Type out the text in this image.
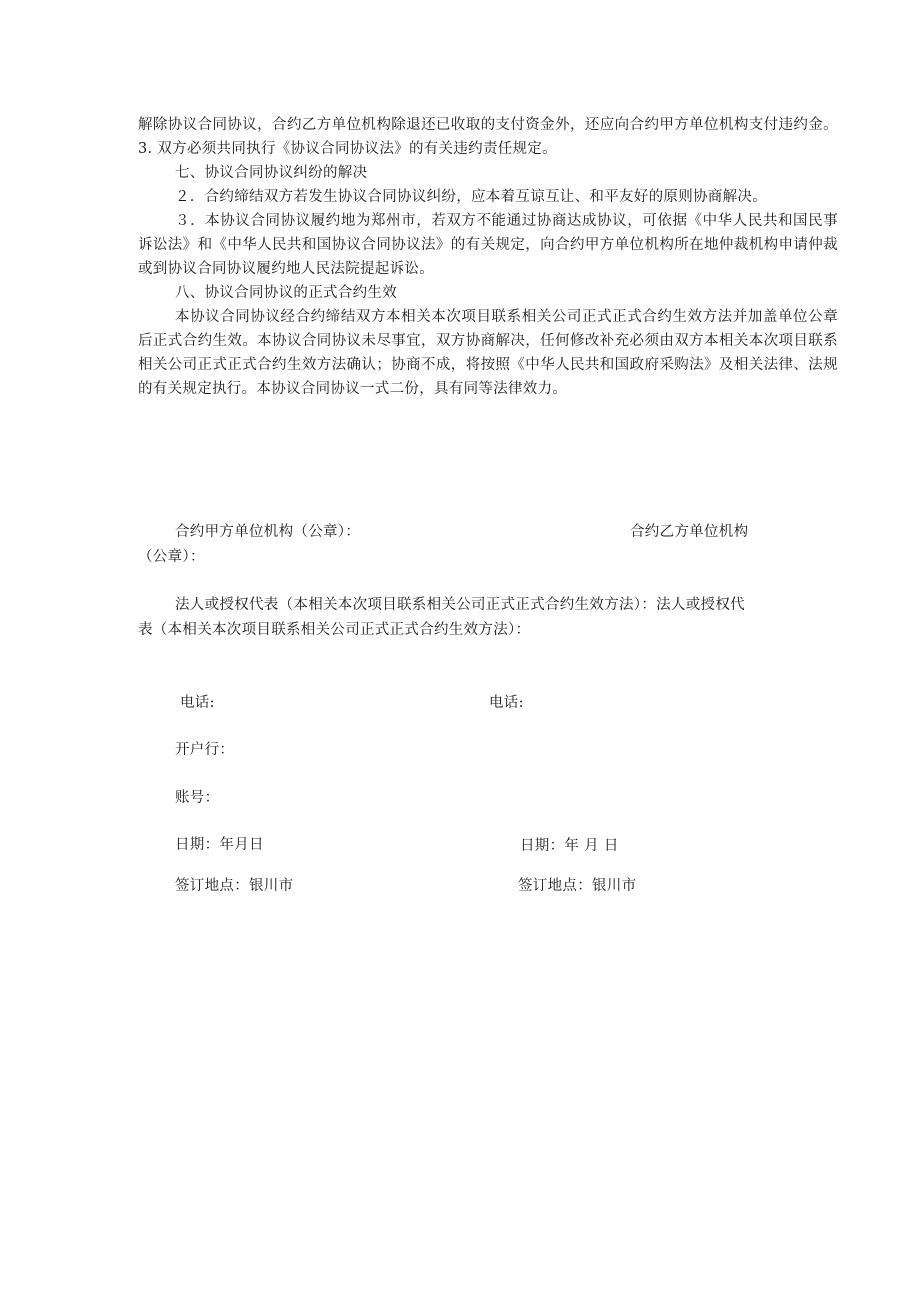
解除协议合同协议，合约乙方单位机构除退还已收取的支付资金外，还应向合约甲方单位机构支付违约金。3. 双方必须共同执行《协议合同协议法》的有关违约责任规定。

七、协议合同协议纠纷的解决

２．合约缔结双方若发生协议合同协议纠纷，应本着互谅互让、和平友好的原则协商解决。

３．本协议合同协议履约地为郑州市，若双方不能通过协商达成协议，可依据《中华人民共和国民事诉讼法》和《中华人民共和国协议合同协议法》的有关规定，向合约甲方单位机构所在地仲裁机构申请仲裁或到协议合同协议履约地人民法院提起诉讼。

八、协议合同协议的正式合约生效

本协议合同协议经合约缔结双方本相关本次项目联系相关公司正式正式合约生效方法并加盖单位公章后正式合约生效。本协议合同协议未尽事宜，双方协商解决，任何修改补充必须由双方本相关本次项目联系相关公司正式正式合约生效方法确认；协商不成，将按照《中华人民共和国政府采购法》及相关法律、法规的有关规定执行。本协议合同协议一式二份，具有同等法律效力。

合约甲方单位机构（公章）：	合约乙方单位机构
（公章）：
法人或授权代表（本相关本次项目联系相关公司正式正式合约生效方法）：法人或授权代
表（本相关本次项目联系相关公司正式正式合约生效方法）：
电话:	电话:
开户行：
账号：
日期：年月日	日期：年 月 日
签订地点：银川市	签订地点：银川市
